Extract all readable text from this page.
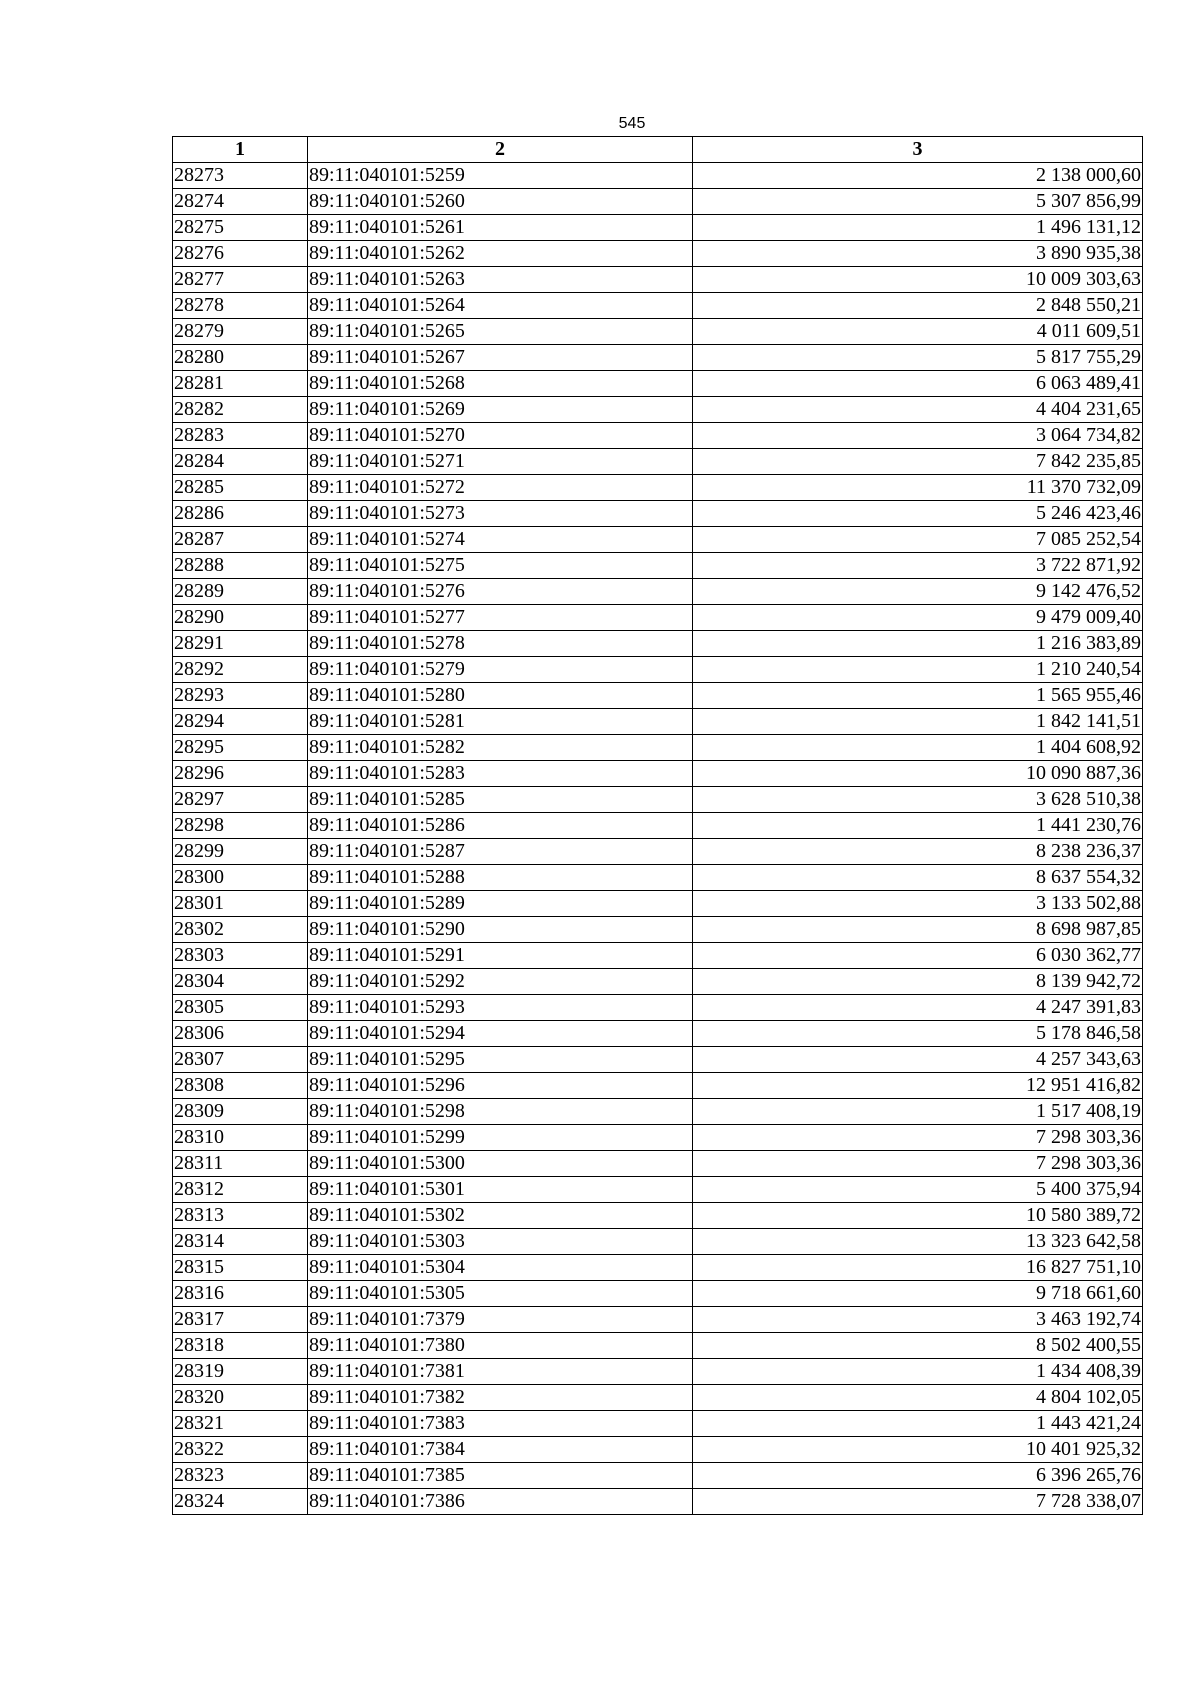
545
1	2	3
28273	89:11:040101:5259	2 138 000,60
28274	89:11:040101:5260	5 307 856,99
28275	89:11:040101:5261	1 496 131,12
28276	89:11:040101:5262	3 890 935,38
28277	89:11:040101:5263	10 009 303,63
28278	89:11:040101:5264	2 848 550,21
28279	89:11:040101:5265	4 011 609,51
28280	89:11:040101:5267	5 817 755,29
28281	89:11:040101:5268	6 063 489,41
28282	89:11:040101:5269	4 404 231,65
28283	89:11:040101:5270	3 064 734,82
28284	89:11:040101:5271	7 842 235,85
28285	89:11:040101:5272	11 370 732,09
28286	89:11:040101:5273	5 246 423,46
28287	89:11:040101:5274	7 085 252,54
28288	89:11:040101:5275	3 722 871,92
28289	89:11:040101:5276	9 142 476,52
28290	89:11:040101:5277	9 479 009,40
28291	89:11:040101:5278	1 216 383,89
28292	89:11:040101:5279	1 210 240,54
28293	89:11:040101:5280	1 565 955,46
28294	89:11:040101:5281	1 842 141,51
28295	89:11:040101:5282	1 404 608,92
28296	89:11:040101:5283	10 090 887,36
28297	89:11:040101:5285	3 628 510,38
28298	89:11:040101:5286	1 441 230,76
28299	89:11:040101:5287	8 238 236,37
28300	89:11:040101:5288	8 637 554,32
28301	89:11:040101:5289	3 133 502,88
28302	89:11:040101:5290	8 698 987,85
28303	89:11:040101:5291	6 030 362,77
28304	89:11:040101:5292	8 139 942,72
28305	89:11:040101:5293	4 247 391,83
28306	89:11:040101:5294	5 178 846,58
28307	89:11:040101:5295	4 257 343,63
28308	89:11:040101:5296	12 951 416,82
28309	89:11:040101:5298	1 517 408,19
28310	89:11:040101:5299	7 298 303,36
28311	89:11:040101:5300	7 298 303,36
28312	89:11:040101:5301	5 400 375,94
28313	89:11:040101:5302	10 580 389,72
28314	89:11:040101:5303	13 323 642,58
28315	89:11:040101:5304	16 827 751,10
28316	89:11:040101:5305	9 718 661,60
28317	89:11:040101:7379	3 463 192,74
28318	89:11:040101:7380	8 502 400,55
28319	89:11:040101:7381	1 434 408,39
28320	89:11:040101:7382	4 804 102,05
28321	89:11:040101:7383	1 443 421,24
28322	89:11:040101:7384	10 401 925,32
28323	89:11:040101:7385	6 396 265,76
28324	89:11:040101:7386	7 728 338,07
